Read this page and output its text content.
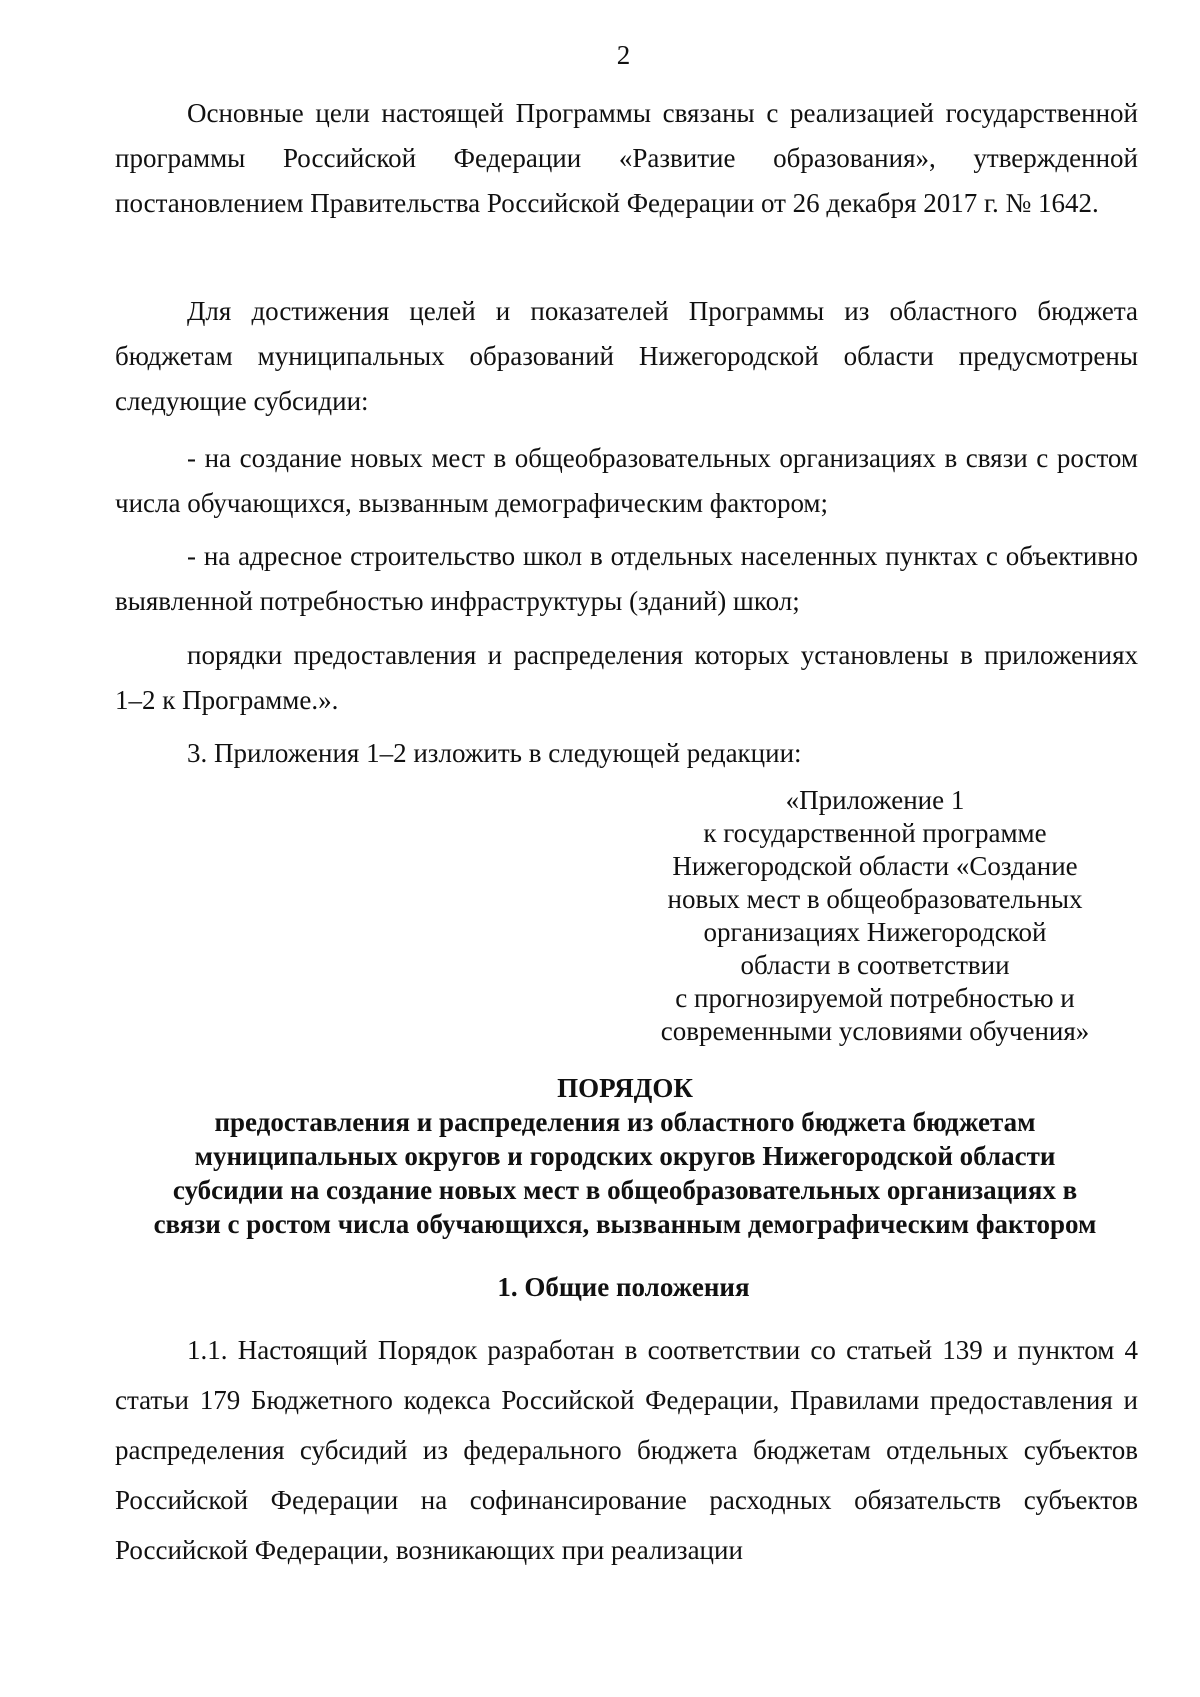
2

Основные цели настоящей Программы связаны с реализацией государственной программы Российской Федерации «Развитие образования», утвержденной постановлением Правительства Российской Федерации от 26 декабря 2017 г. № 1642.

Для достижения целей и показателей Программы из областного бюджета бюджетам муниципальных образований Нижегородской области предусмотрены следующие субсидии:

- на создание новых мест в общеобразовательных организациях в связи с ростом числа обучающихся, вызванным демографическим фактором;

- на адресное строительство школ в отдельных населенных пунктах с объективно выявленной потребностью инфраструктуры (зданий) школ;

порядки предоставления и распределения которых установлены в приложениях 1–2 к Программе.».

3. Приложения 1–2 изложить в следующей редакции:

«Приложение 1
к государственной программе
Нижегородской области «Создание
новых мест в общеобразовательных
организациях Нижегородской
области в соответствии
с прогнозируемой потребностью и
современными условиями обучения»
ПОРЯДОК
предоставления и распределения из областного бюджета бюджетам
муниципальных округов и городских округов Нижегородской области
субсидии на создание новых мест в общеобразовательных организациях в
связи с ростом числа обучающихся, вызванным демографическим фактором
1. Общие положения

1.1. Настоящий Порядок разработан в соответствии со статьей 139 и пунктом 4 статьи 179 Бюджетного кодекса Российской Федерации, Правилами предоставления и распределения субсидий из федерального бюджета бюджетам отдельных субъектов Российской Федерации на софинансирование расходных обязательств субъектов Российской Федерации, возникающих при реализации
